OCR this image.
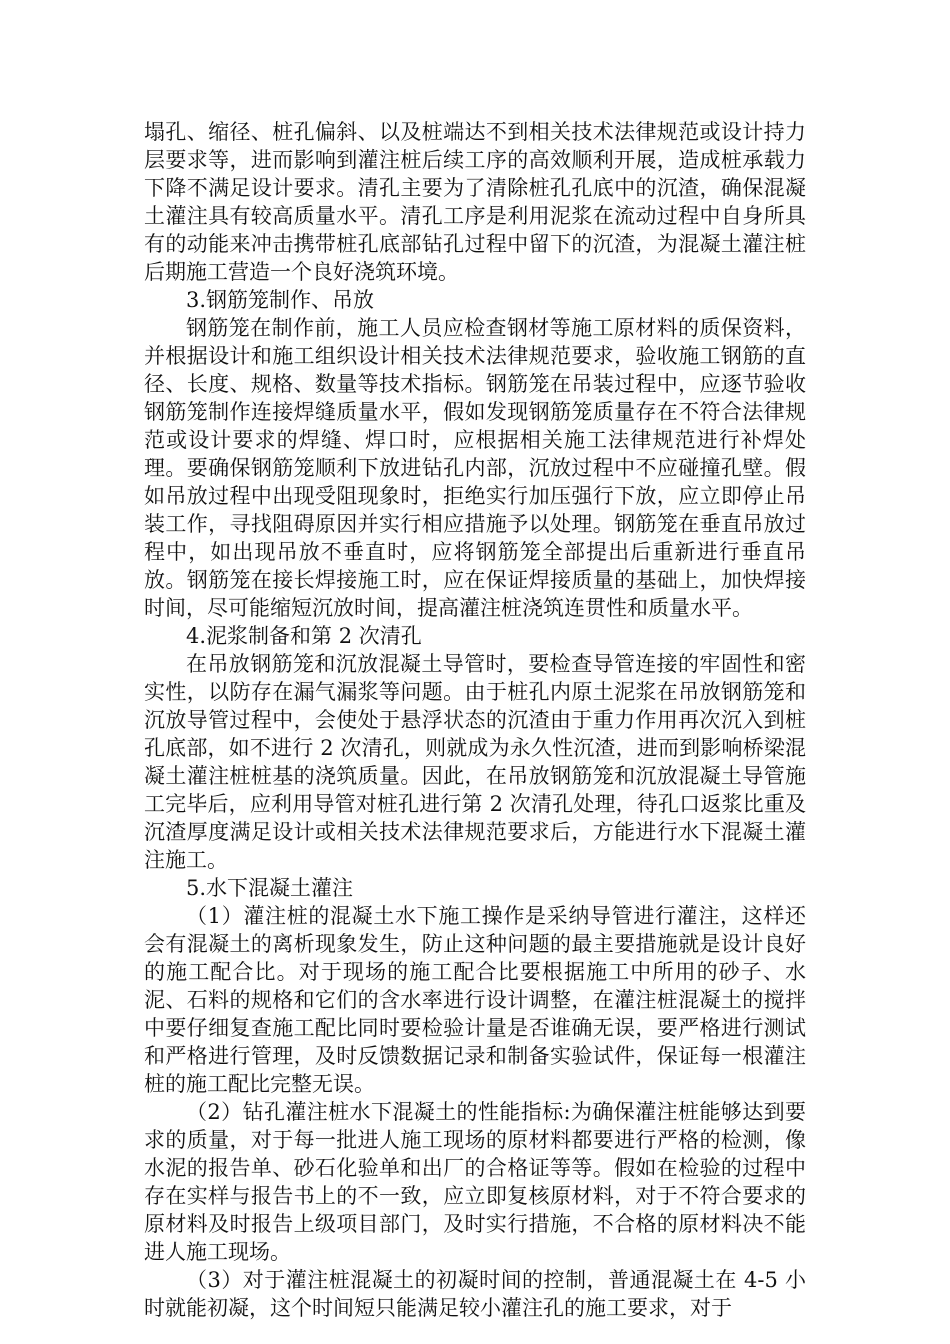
塌孔、缩径、桩孔偏斜、以及桩端达不到相关技术法律规范或设计持力层要求等，进而影响到灌注桩后续工序的高效顺利开展，造成桩承载力下降不满足设计要求。清孔主要为了清除桩孔孔底中的沉渣，确保混凝土灌注具有较高质量水平。清孔工序是利用泥浆在流动过程中自身所具有的动能来冲击携带桩孔底部钻孔过程中留下的沉渣，为混凝土灌注桩后期施工营造一个良好浇筑环境。

3.钢筋笼制作、吊放

钢筋笼在制作前，施工人员应检查钢材等施工原材料的质保资料，并根据设计和施工组织设计相关技术法律规范要求，验收施工钢筋的直径、长度、规格、数量等技术指标。钢筋笼在吊装过程中，应逐节验收钢筋笼制作连接焊缝质量水平，假如发现钢筋笼质量存在不符合法律规范或设计要求的焊缝、焊口时，应根据相关施工法律规范进行补焊处理。要确保钢筋笼顺利下放进钻孔内部，沉放过程中不应碰撞孔壁。假如吊放过程中出现受阻现象时，拒绝实行加压强行下放，应立即停止吊装工作，寻找阻碍原因并实行相应措施予以处理。钢筋笼在垂直吊放过程中，如出现吊放不垂直时，应将钢筋笼全部提出后重新进行垂直吊放。钢筋笼在接长焊接施工时，应在保证焊接质量的基础上，加快焊接时间，尽可能缩短沉放时间，提高灌注桩浇筑连贯性和质量水平。

4.泥浆制备和第 2 次清孔

在吊放钢筋笼和沉放混凝土导管时，要检查导管连接的牢固性和密实性，以防存在漏气漏浆等问题。由于桩孔内原土泥浆在吊放钢筋笼和沉放导管过程中，会使处于悬浮状态的沉渣由于重力作用再次沉入到桩孔底部，如不进行 2 次清孔，则就成为永久性沉渣，进而到影响桥梁混凝土灌注桩桩基的浇筑质量。因此，在吊放钢筋笼和沉放混凝土导管施工完毕后，应利用导管对桩孔进行第 2 次清孔处理，待孔口返浆比重及沉渣厚度满足设计或相关技术法律规范要求后，方能进行水下混凝土灌注施工。

5.水下混凝土灌注

（1）灌注桩的混凝土水下施工操作是采纳导管进行灌注，这样还会有混凝土的离析现象发生，防止这种问题的最主要措施就是设计良好的施工配合比。对于现场的施工配合比要根据施工中所用的砂子、水泥、石料的规格和它们的含水率进行设计调整，在灌注桩混凝土的搅拌中要仔细复查施工配比同时要检验计量是否谁确无误，要严格进行测试和严格进行管理，及时反馈数据记录和制备实验试件，保证每一根灌注桩的施工配比完整无误。

（2）钻孔灌注桩水下混凝土的性能指标:为确保灌注桩能够达到要求的质量，对于每一批进人施工现场的原材料都要进行严格的检测，像水泥的报告单、砂石化验单和出厂的合格证等等。假如在检验的过程中存在实样与报告书上的不一致，应立即复核原材料，对于不符合要求的原材料及时报告上级项目部门，及时实行措施，不合格的原材料决不能进人施工现场。

（3）对于灌注桩混凝土的初凝时间的控制，普通混凝土在 4-5 小时就能初凝，这个时间短只能满足较小灌注孔的施工要求，对于
